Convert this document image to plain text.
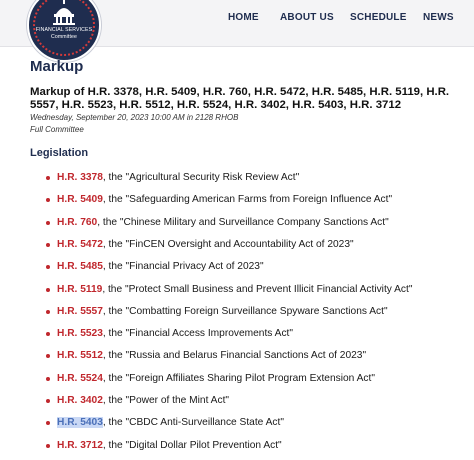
FINANCIAL SERVICES
Committee
HOME ABOUT US SCHEDULE NEWS
Markup
Markup of H.R. 3378, H.R. 5409, H.R. 760, H.R. 5472, H.R. 5485, H.R. 5119, H.R. 5557, H.R. 5523, H.R. 5512, H.R. 5524, H.R. 3402, H.R. 5403, H.R. 3712
Wednesday, September 20, 2023 10:00 AM in 2128 RHOB
Full Committee
Legislation
H.R. 3378, the "Agricultural Security Risk Review Act"
H.R. 5409, the "Safeguarding American Farms from Foreign Influence Act"
H.R. 760, the "Chinese Military and Surveillance Company Sanctions Act"
H.R. 5472, the "FinCEN Oversight and Accountability Act of 2023"
H.R. 5485, the "Financial Privacy Act of 2023"
H.R. 5119, the "Protect Small Business and Prevent Illicit Financial Activity Act"
H.R. 5557, the "Combatting Foreign Surveillance Spyware Sanctions Act"
H.R. 5523, the "Financial Access Improvements Act"
H.R. 5512, the "Russia and Belarus Financial Sanctions Act of 2023"
H.R. 5524, the "Foreign Affiliates Sharing Pilot Program Extension Act"
H.R. 3402, the "Power of the Mint Act"
H.R. 5403, the "CBDC Anti-Surveillance State Act"
H.R. 3712, the "Digital Dollar Pilot Prevention Act"
